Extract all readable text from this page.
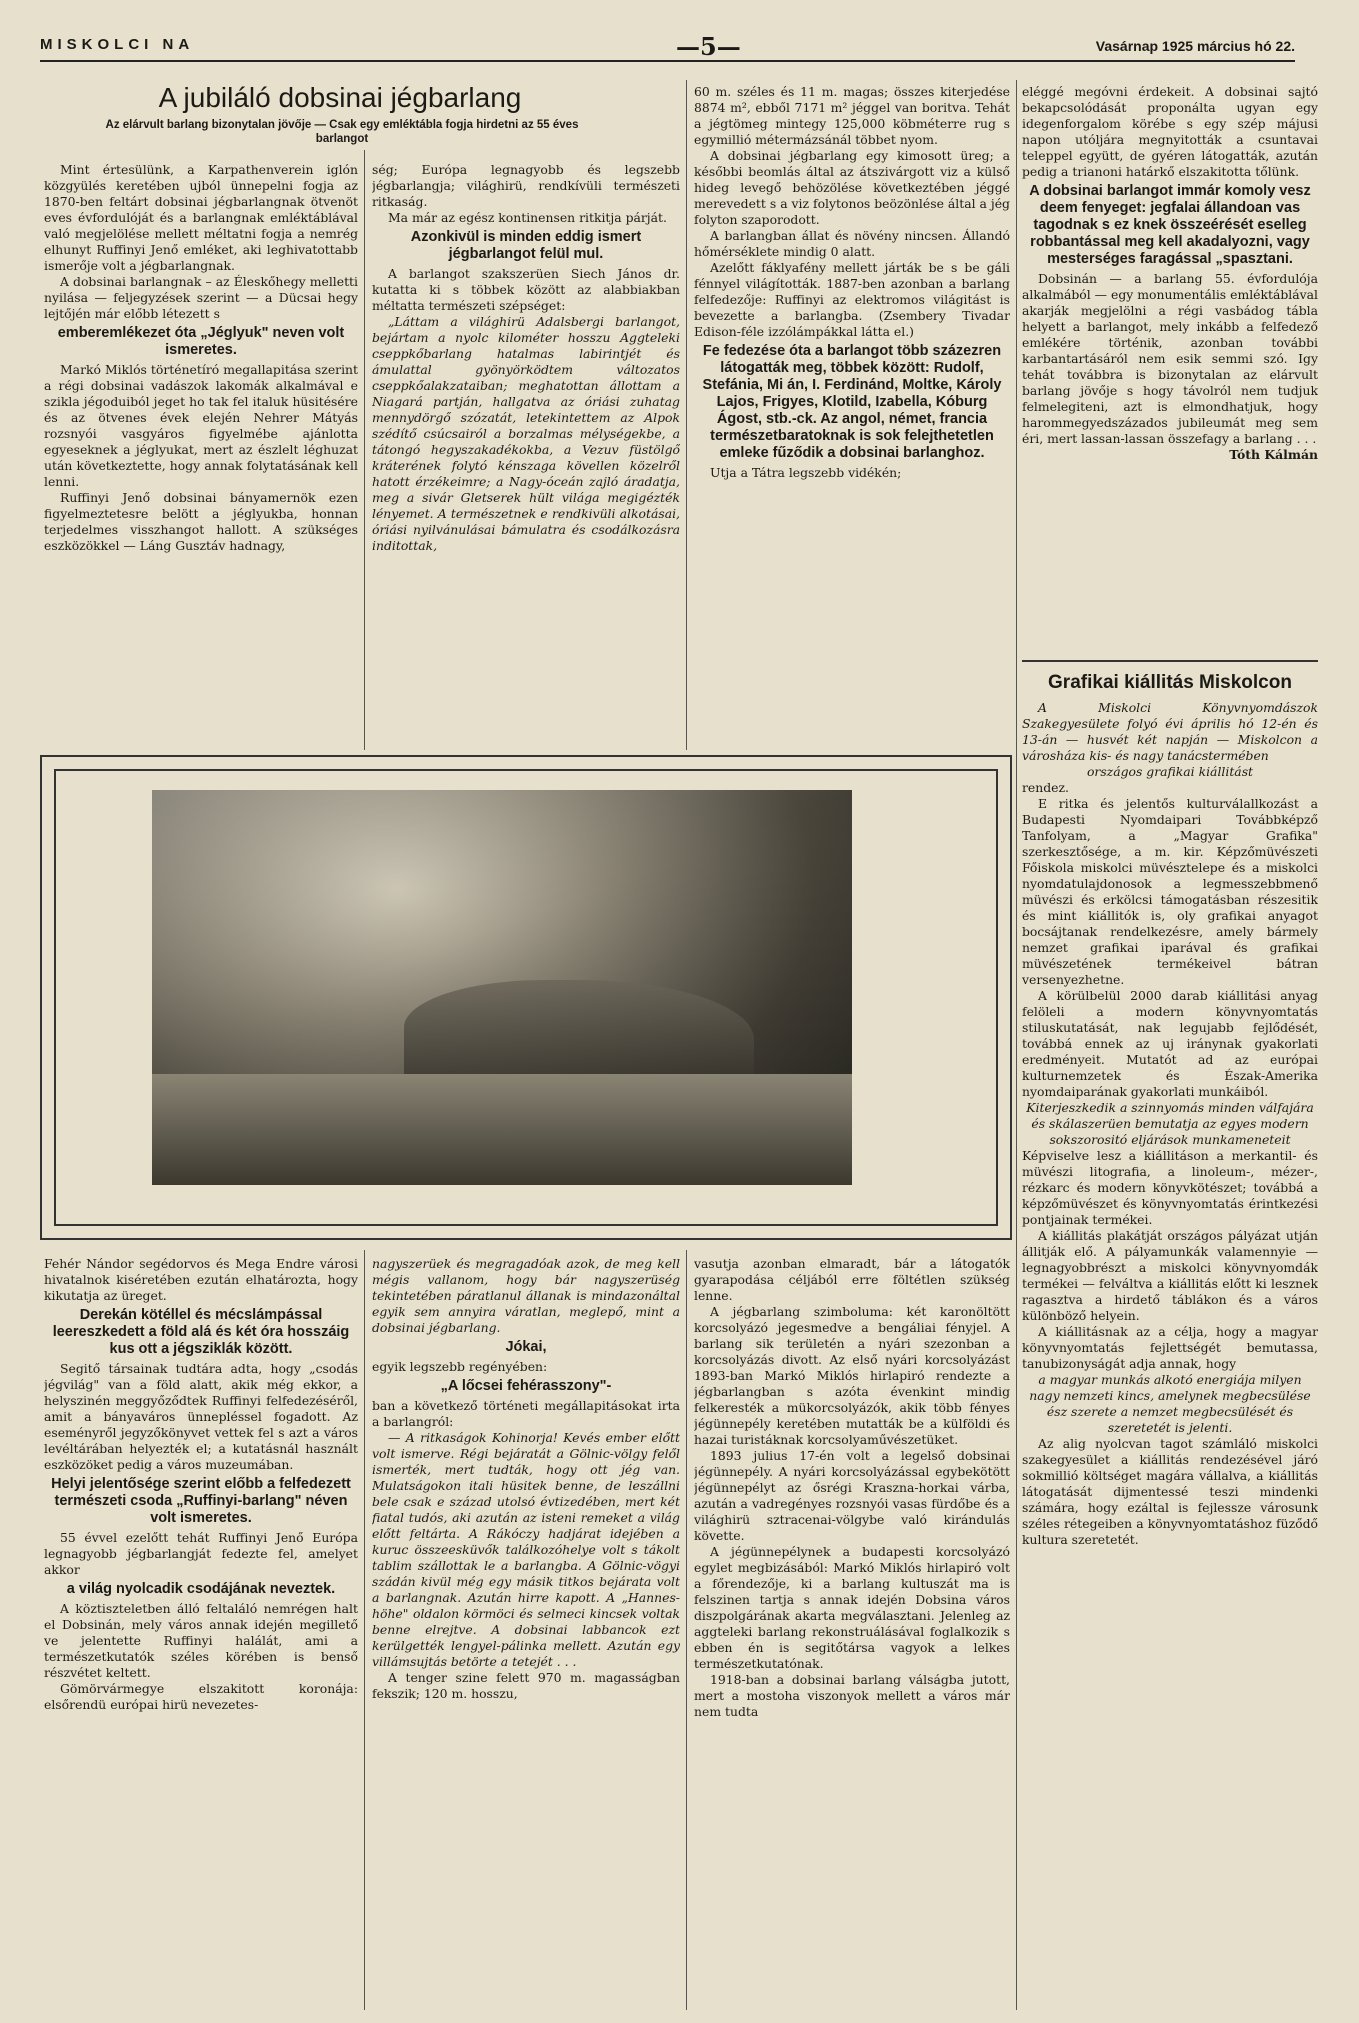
MISKOLCI NA	—5—	Vasárnap 1925 március hó 22.
A jubiláló dobsinai jégbarlang
Az elárvult barlang bizonytalan jövője — Csak egy emléktábla fogja hirdetni az 55 éves barlangot

Mint értesülünk, a Karpathenverein iglón közgyülés keretében ujból ünnepelni fogja az 1870-ben feltárt dobsinai jégbarlangnak ötvenöt eves évfordulóját és a barlangnak emléktáblával való megjelölése mellett méltatni fogja a nemrég elhunyt Ruffinyi Jenő emléket, aki leghivatottabb ismerője volt a jégbarlangnak.

A dobsinai barlangnak – az Éleskőhegy melletti nyilása — feljegyzések szerint — a Dücsai hegy lejtőjén már előbb létezett s

emberemlékezet óta „Jéglyuk" neven volt ismeretes.

Markó Miklós történetíró megallapitása szerint a régi dobsinai vadászok lakomák alkalmával e szikla jégoduiból jeget ho tak fel italuk hüsitésére és az ötvenes évek elején Nehrer Mátyás rozsnyói vasgyáros figyelmébe ajánlotta egyeseknek a jéglyukat, mert az észlelt léghuzat után következtette, hogy annak folytatásának kell lenni.

Ruffinyi Jenő dobsinai bányamernök ezen figyelmeztetesre belött a jéglyukba, honnan terjedelmes visszhangot hallott. A szükséges eszközökkel — Láng Gusztáv hadnagy,

ség; Európa legnagyobb és legszebb jégbarlangja; világhirü, rendkívüli természeti ritkaság.

Ma már az egész kontinensen ritkitja párját.

Azonkivül is minden eddig ismert jégbarlangot felül mul.

A barlangot szakszerüen Siech János dr. kutatta ki s többek között az alabbiakban méltatta természeti szépséget:

„Láttam a világhirü Adalsbergi barlangot, bejártam a nyolc kilométer hosszu Aggteleki cseppkőbarlang hatalmas labirintjét és ámulattal gyönyörködtem változatos cseppkőalakzataiban; meghatottan állottam a Niagará partján, hallgatva az óriási zuhatag mennydörgő szózatát, letekintettem az Alpok szédítő csúcsairól a borzalmas mélységekbe, a tátongó hegyszakadékokba, a Vezuv füstölgő kráterének folytó kénszaga kövellen közelről hatott érzékeimre; a Nagy-óceán zajló áradatja, meg a sivár Gletserek hült világa megigézték lényemet. A természetnek e rendkivüli alkotásai, óriási nyilvánulásai bámulatra és csodálkozásra inditottak,

60 m. széles és 11 m. magas; összes kiterjedése 8874 m², ebből 7171 m² jéggel van boritva. Tehát a jégtömeg mintegy 125,000 köbméterre rug s egymillió métermázsánál többet nyom.

A dobsinai jégbarlang egy kimosott üreg; a későbbi beomlás által az átszivárgott viz a külső hideg levegő behözölése következtében jéggé merevedett s a viz folytonos beözönlése által a jég folyton szaporodott.

A barlangban állat és növény nincsen. Állandó hőmérséklete mindig 0 alatt.

Azelőtt fáklyafény mellett járták be s be gáli fénnyel világították. 1887-ben azonban a barlang felfedezője: Ruffinyi az elektromos világitást is bevezette a barlangba. (Zsembery Tivadar Edison-féle izzólámpákkal látta el.)

Fe fedezése óta a barlangot több százezren látogatták meg, többek között: Rudolf, Stefánia, Mi án, I. Ferdinánd, Moltke, Károly Lajos, Frigyes, Klotild, Izabella, Kóburg Ágost, stb.-ck. Az angol, német, francia természetbaratoknak is sok felejthetetlen emleke fűződik a dobsinai barlanghoz.

Utja a Tátra legszebb vidékén;

eléggé megóvni érdekeit. A dobsinai sajtó bekapcsolódását proponálta ugyan egy idegenforgalom körébe s egy szép májusi napon utóljára megnyitották a csuntavai teleppel együtt, de gyéren látogatták, azután pedig a trianoni határkő elszakitotta tőlünk.

A dobsinai barlangot immár komoly vesz deem fenyeget: jegfalai állandoan vas tagodnak s ez knek összeérését eselleg robbantással meg kell akadalyozni, vagy mesterséges faragással „spasztani.

Dobsinán — a barlang 55. évfordulója alkalmából — egy monumentális emléktáblával akarják megjelölni a régi vasbádog tábla helyett a barlangot, mely inkább a felfedező emlékére történik, azonban további karbantartásáról nem esik semmi szó. Igy tehát továbbra is bizonytalan az elárvult barlang jövője s hogy távolról nem tudjuk felmelegiteni, azt is elmondhatjuk, hogy harommegyedszázados jubileumát meg sem éri, mert lassan-lassan összefagy a barlang . . .

Tóth Kálmán

Grafikai kiállitás Miskolcon

A Miskolci Könyvnyomdászok Szakegyesülete folyó évi április hó 12-én és 13-án — husvét két napján — Miskolcon a városháza kis- és nagy tanácstermében

országos grafikai kiállitást

rendez.

E ritka és jelentős kulturválallkozást a Budapesti Nyomdaipari Továbbképző Tanfolyam, a „Magyar Grafika" szerkesztősége, a m. kir. Képzőmüvészeti Főiskola miskolci müvésztelepe és a miskolci nyomdatulajdonosok a legmesszebbmenő müvészi és erkölcsi támogatásban részesitik és mint kiállitók is, oly grafikai anyagot bocsájtanak rendelkezésre, amely bármely nemzet grafikai iparával és grafikai müvészetének termékeivel bátran versenyezhetne.

A körülbelül 2000 darab kiállitási anyag felöleli a modern könyvnyomtatás stiluskutatását, nak legujabb fejlődését, továbbá ennek az uj iránynak gyakorlati eredményeit. Mutatót ad az európai kulturnemzetek és Észak-Amerika nyomdaiparának gyakorlati munkáiból.

Kiterjeszkedik a szinnyomás minden válfajára és skálaszerüen bemutatja az egyes modern sokszorositó eljárások munkameneteit

Képviselve lesz a kiállitáson a merkantil- és müvészi litografia, a linoleum-, mézer-, rézkarc és modern könyvkötészet; továbbá a képzőmüvészet és könyvnyomtatás érintkezési pontjainak termékei.

A kiállitás plakátját országos pályázat utján állitják elő. A pályamunkák valamennyie — legnagyobbrészt a miskolci könyvnyomdák termékei — felváltva a kiállitás előtt ki lesznek ragasztva a hirdető táblákon és a város különböző helyein.

A kiállitásnak az a célja, hogy a magyar könyvnyomtatás fejlettségét bemutassa, tanubizonyságát adja annak, hogy

a magyar munkás alkotó energiája milyen nagy nemzeti kincs, amelynek megbecsülése ész szerete a nemzet megbecsülését és szeretetét is jelenti.

Az alig nyolcvan tagot számláló miskolci szakegyesület a kiállitás rendezésével járó sokmillió költséget magára vállalva, a kiállitás látogatását dijmentessé teszi mindenki számára, hogy ezáltal is fejlessze városunk széles rétegeiben a könyvnyomtatáshoz füződő kultura szeretetét.

Fehér Nándor segédorvos és Mega Endre városi hivatalnok kiséretében ezután elhatározta, hogy kikutatja az üreget.

Derekán kötéllel és mécslámpással leereszkedett a föld alá és két óra hosszáig kus ott a jégsziklák között.

Segitő társainak tudtára adta, hogy „csodás jégvilág" van a föld alatt, akik még ekkor, a helyszinén meggyőződtek Ruffinyi felfedezéséről, amit a bányaváros ünnepléssel fogadott. Az eseményről jegyzőkönyvet vettek fel s azt a város levéltárában helyezték el; a kutatásnál használt eszközöket pedig a város muzeumában.

Helyi jelentősége szerint előbb a felfedezett természeti csoda „Ruffinyi-barlang" néven volt ismeretes.

55 évvel ezelőtt tehát Ruffinyi Jenő Európa legnagyobb jégbarlangját fedezte fel, amelyet akkor

a világ nyolcadik csodájának neveztek.

A köztiszteletben álló feltaláló nemrégen halt el Dobsinán, mely város annak idején megillető ve jelentette Ruffinyi halálát, ami a természetkutatók széles körében is benső részvétet keltett.

Gömörvármegye elszakitott koronája: elsőrendü európai hirü nevezetes-

nagyszerüek és megragadóak azok, de meg kell mégis vallanom, hogy bár nagyszerüség tekintetében páratlanul állanak is mindazonáltal egyik sem annyira váratlan, meglepő, mint a dobsinai jégbarlang.

Jókai,

egyik legszebb regényében:

„A lőcsei fehérasszony"-

ban a következő történeti megállapitásokat irta a barlangról:

— A ritkaságok Kohinorja! Kevés ember előtt volt ismerve. Régi bejáratát a Gölnic-völgy felől ismerték, mert tudták, hogy ott jég van. Mulatságokon itali hüsitek benne, de leszállni bele csak e század utolsó évtizedében, mert két fiatal tudós, aki azután az isteni remeket a világ előtt feltárta. A Rákóczy hadjárat idejében a kuruc összeesküvők találkozóhelye volt s tákolt tablim szállottak le a barlangba. A Gölnic-vögyi szádán kivül még egy másik titkos bejárata volt a barlangnak. Azután hirre kapott. A „Hannes-höhe" oldalon körmöci és selmeci kincsek voltak benne elrejtve. A dobsinai labbancok ezt kerülgették lengyel-pálinka mellett. Azután egy villámsujtás betörte a tetejét . . .

A tenger szine felett 970 m. magasságban fekszik; 120 m. hosszu,

vasutja azonban elmaradt, bár a látogatók gyarapodása céljából erre föltétlen szükség lenne.

A jégbarlang szimboluma: két karonöltött korcsolyázó jegesmedve a bengáliai fényjel. A barlang sik területén a nyári szezonban a korcsolyázás divott. Az első nyári korcsolyázást 1893-ban Markó Miklós hirlapiró rendezte a jégbarlangban s azóta évenkint mindig felkeresték a mükorcsolyázók, akik több fényes jégünnepély keretében mutatták be a külföldi és hazai turistáknak korcsolyaművészetüket.

1893 julius 17-én volt a legelső dobsinai jégünnepély. A nyári korcsolyázással egybekötött jégünnepélyt az ősrégi Kraszna-horkai várba, azután a vadregényes rozsnyói vasas fürdőbe és a világhirü sztracenai-völgybe való kirándulás követte.

A jégünnepélynek a budapesti korcsolyázó egylet megbizásából: Markó Miklós hirlapiró volt a főrendezője, ki a barlang kultuszát ma is felszinen tartja s annak idején Dobsina város diszpolgárának akarta megválasztani. Jelenleg az aggteleki barlang rekonstruálásával foglalkozik s ebben én is segitőtársa vagyok a lelkes természetkutatónak.

1918-ban a dobsinai barlang válságba jutott, mert a mostoha viszonyok mellett a város már nem tudta
